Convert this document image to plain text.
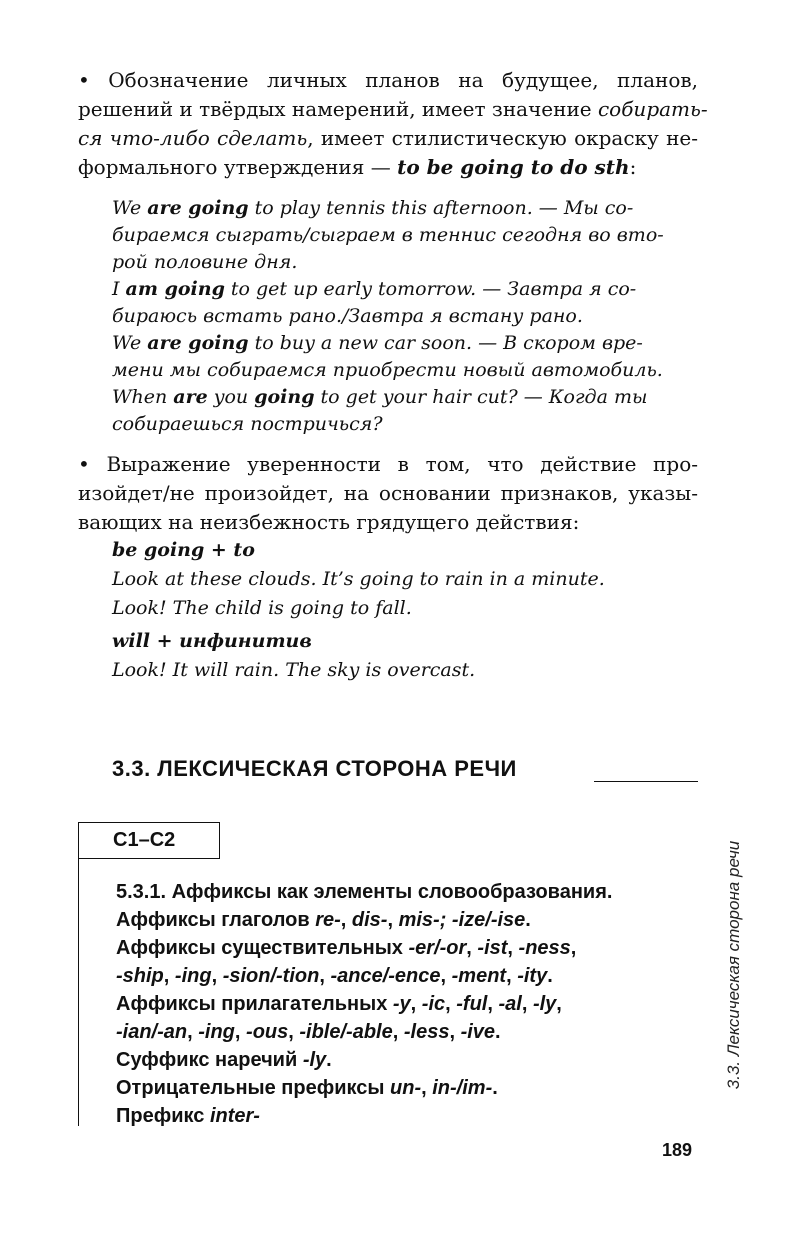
• Обозначение личных планов на будущее, планов,
решений и твёрдых намерений, имеет значение собирать-
ся что-либо сделать, имеет стилистическую окраску не-
формального утверждения — to be going to do sth:
We are going to play tennis this afternoon. — Мы со-
бираемся сыграть/сыграем в теннис сегодня во вто-
рой половине дня.
I am going to get up early tomorrow. — Завтра я со-
бираюсь встать рано./Завтра я встану рано.
We are going to buy a new car soon. — В скором вре-
мени мы собираемся приобрести новый автомобиль.
When are you going to get your hair cut? — Когда ты
собираешься постричься?
• Выражение уверенности в том, что действие про-
изойдет/не произойдет, на основании признаков, указы-
вающих на неизбежность грядущего действия:
be going + to
Look at these clouds. It’s going to rain in a minute.
Look! The child is going to fall.
will + инфинитив
Look! It will rain. The sky is overcast.
3.3. ЛЕКСИЧЕСКАЯ СТОРОНА РЕЧИ
С1–С2
5.3.1. Аффиксы как элементы словообразования.
Аффиксы глаголов re-, dis-, mis-; -ize/-ise.
Аффиксы существительных -er/-or, -ist, -ness,
-ship, -ing, -sion/-tion, -ance/-ence, -ment, -ity.
Аффиксы прилагательных -y, -ic, -ful, -al, -ly,
-ian/-an, -ing, -ous, -ible/-able, -less, -ive.
Суффикс наречий -ly.
Отрицательные префиксы un-, in-/im-.
Префикс inter-
3.3. Лексическая сторона речи
189
